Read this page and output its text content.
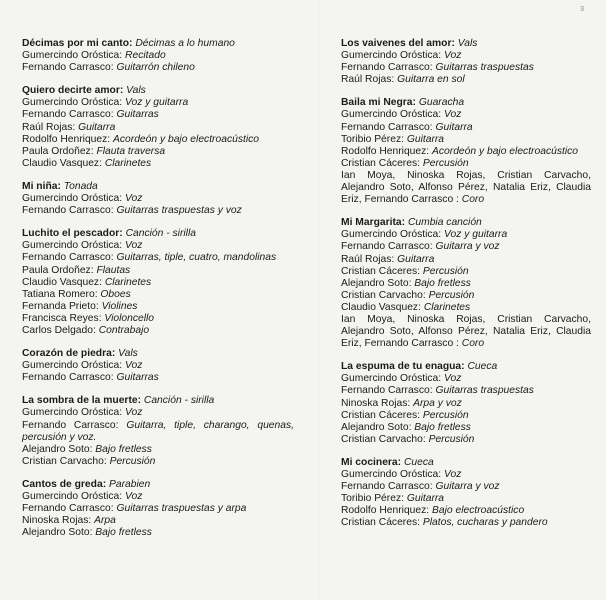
3
Décimas por mi canto: Décimas a lo humano
Gumercindo Oróstica: Recitado
Fernando Carrasco: Guitarrón chileno
Quiero decirte amor: Vals
Gumercindo Oróstica: Voz y guitarra
Fernando Carrasco: Guitarras
Raúl Rojas: Guitarra
Rodolfo Henriquez: Acordeón y bajo electroacústico
Paula Ordoñez: Flauta traversa
Claudio Vasquez: Clarinetes
Mi niña: Tonada
Gumercindo Oróstica: Voz
Fernando Carrasco: Guitarras traspuestas y voz
Luchito el pescador: Canción - sirilla
Gumercindo Oróstica: Voz
Fernando Carrasco: Guitarras, tiple, cuatro, mandolinas
Paula Ordoñez: Flautas
Claudio Vasquez: Clarinetes
Tatiana Romero: Oboes
Fernanda Prieto: Violines
Francisca Reyes: Violoncello
Carlos Delgado: Contrabajo
Corazón de piedra: Vals
Gumercindo Oróstica: Voz
Fernando Carrasco: Guitarras
La sombra de la muerte: Canción - sirilla
Gumercindo Oróstica: Voz
Fernando Carrasco: Guitarra, tiple, charango, quenas, percusión y voz.
Alejandro Soto: Bajo fretless
Cristian Carvacho: Percusión
Cantos de greda: Parabien
Gumercindo Oróstica: Voz
Fernando Carrasco: Guitarras traspuestas y arpa
Ninoska Rojas: Arpa
Alejandro Soto: Bajo fretless
Los vaivenes del amor: Vals
Gumercindo Oróstica: Voz
Fernando Carrasco: Guitarras traspuestas
Raúl Rojas: Guitarra en sol
Baila mi Negra: Guaracha
Gumercindo Oróstica: Voz
Fernando Carrasco: Guitarra
Toribio Pérez: Guitarra
Rodolfo Henriquez: Acordeón y bajo electroacústico
Cristian Cáceres: Percusión
Ian Moya, Ninoska Rojas, Cristian Carvacho, Alejandro Soto, Alfonso Pérez, Natalia Eriz, Claudia Eriz, Fernando Carrasco : Coro
Mi Margarita: Cumbia canción
Gumercindo Oróstica: Voz y guitarra
Fernando Carrasco: Guitarra y voz
Raúl Rojas: Guitarra
Cristian Cáceres: Percusión
Alejandro Soto: Bajo fretless
Cristian Carvacho: Percusión
Claudio Vasquez: Clarinetes
Ian Moya, Ninoska Rojas, Cristian Carvacho, Alejandro Soto, Alfonso Pérez, Natalia Eriz, Claudia Eriz, Fernando Carrasco : Coro
La espuma de tu enagua: Cueca
Gumercindo Oróstica: Voz
Fernando Carrasco: Guitarras traspuestas
Ninoska Rojas: Arpa y voz
Cristian Cáceres: Percusión
Alejandro Soto: Bajo fretless
Cristian Carvacho: Percusión
Mi cocinera: Cueca
Gumercindo Oróstica: Voz
Fernando Carrasco: Guitarra y voz
Toribio Pérez: Guitarra
Rodolfo Henriquez: Bajo electroacústico
Cristian Cáceres: Platos, cucharas y pandero
